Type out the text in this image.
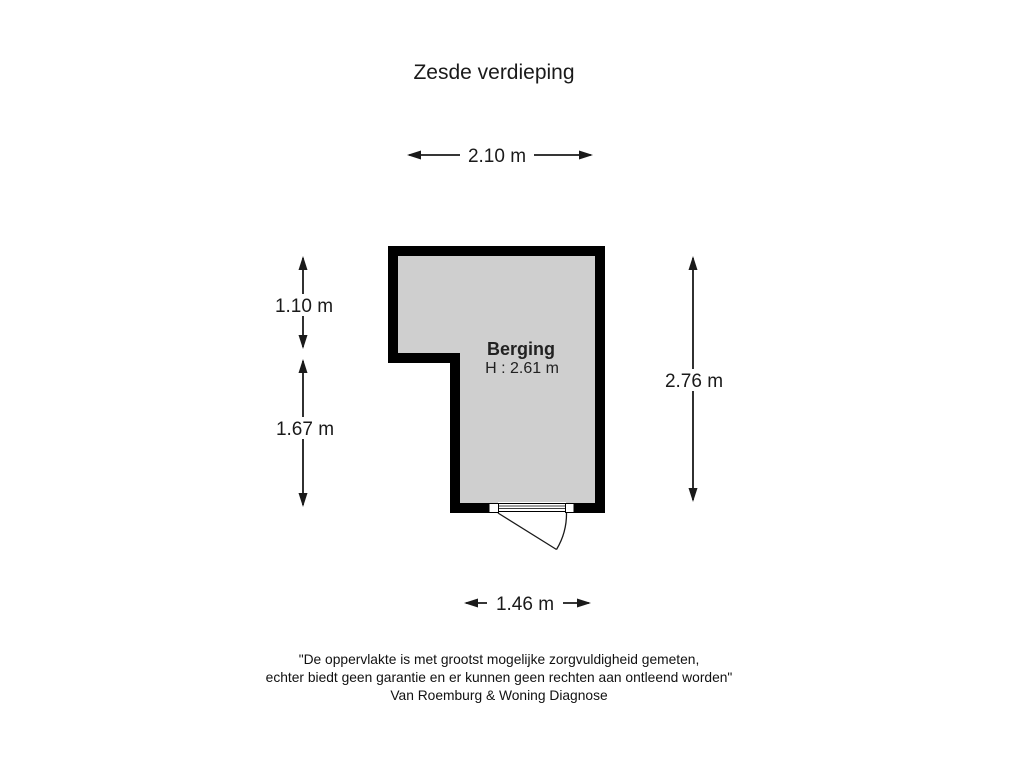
Zesde verdieping
Berging
H : 2.61 m
2.10 m
1.10 m
1.67 m
2.76 m
1.46 m
"De oppervlakte is met grootst mogelijke zorgvuldigheid gemeten,
echter biedt geen garantie en er kunnen geen rechten aan ontleend worden"
Van Roemburg & Woning Diagnose
